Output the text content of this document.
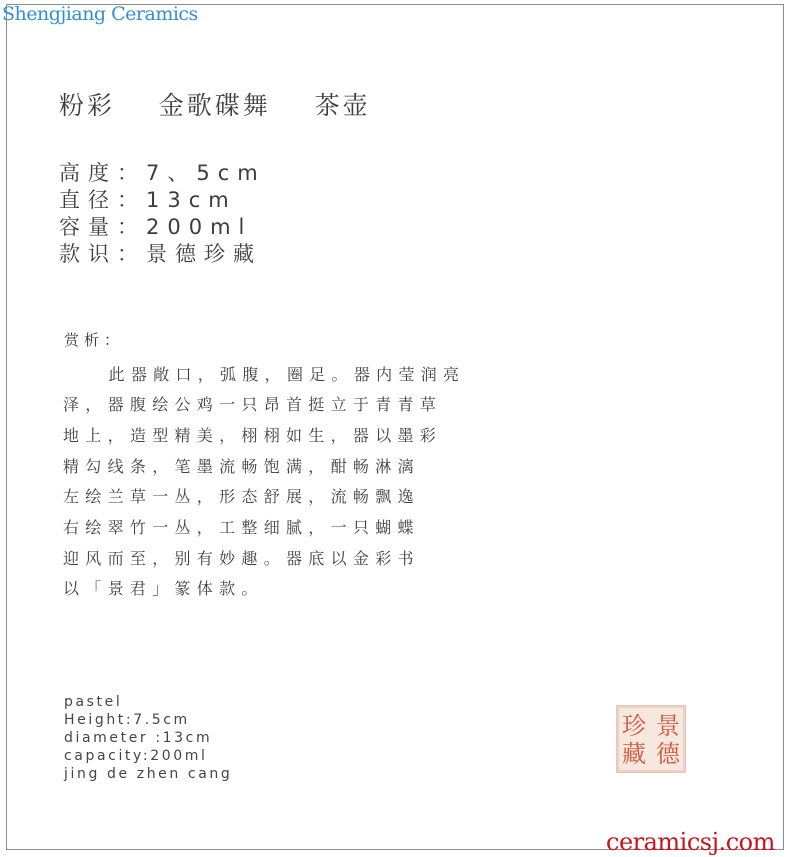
Shengjiang Ceramics
粉彩    金歌碟舞    茶壶
高度：7、5cm
直径：13cm
容量：200ml
款识：景德珍藏
赏析：
此器敞口，弧腹，圈足。器内莹润亮
泽，器腹绘公鸡一只昂首挺立于青青草
地上，造型精美，栩栩如生，器以墨彩
精勾线条，笔墨流畅饱满，酣畅淋漓
左绘兰草一丛，形态舒展，流畅飘逸
右绘翠竹一丛，工整细腻，一只蝴蝶
迎风而至，别有妙趣。器底以金彩书
以「景君」篆体款。
pastel
Height:7.5cm
diameter :13cm
capacity:200ml
jing de zhen cang
景
德
珍
藏
ceramicsj.com
